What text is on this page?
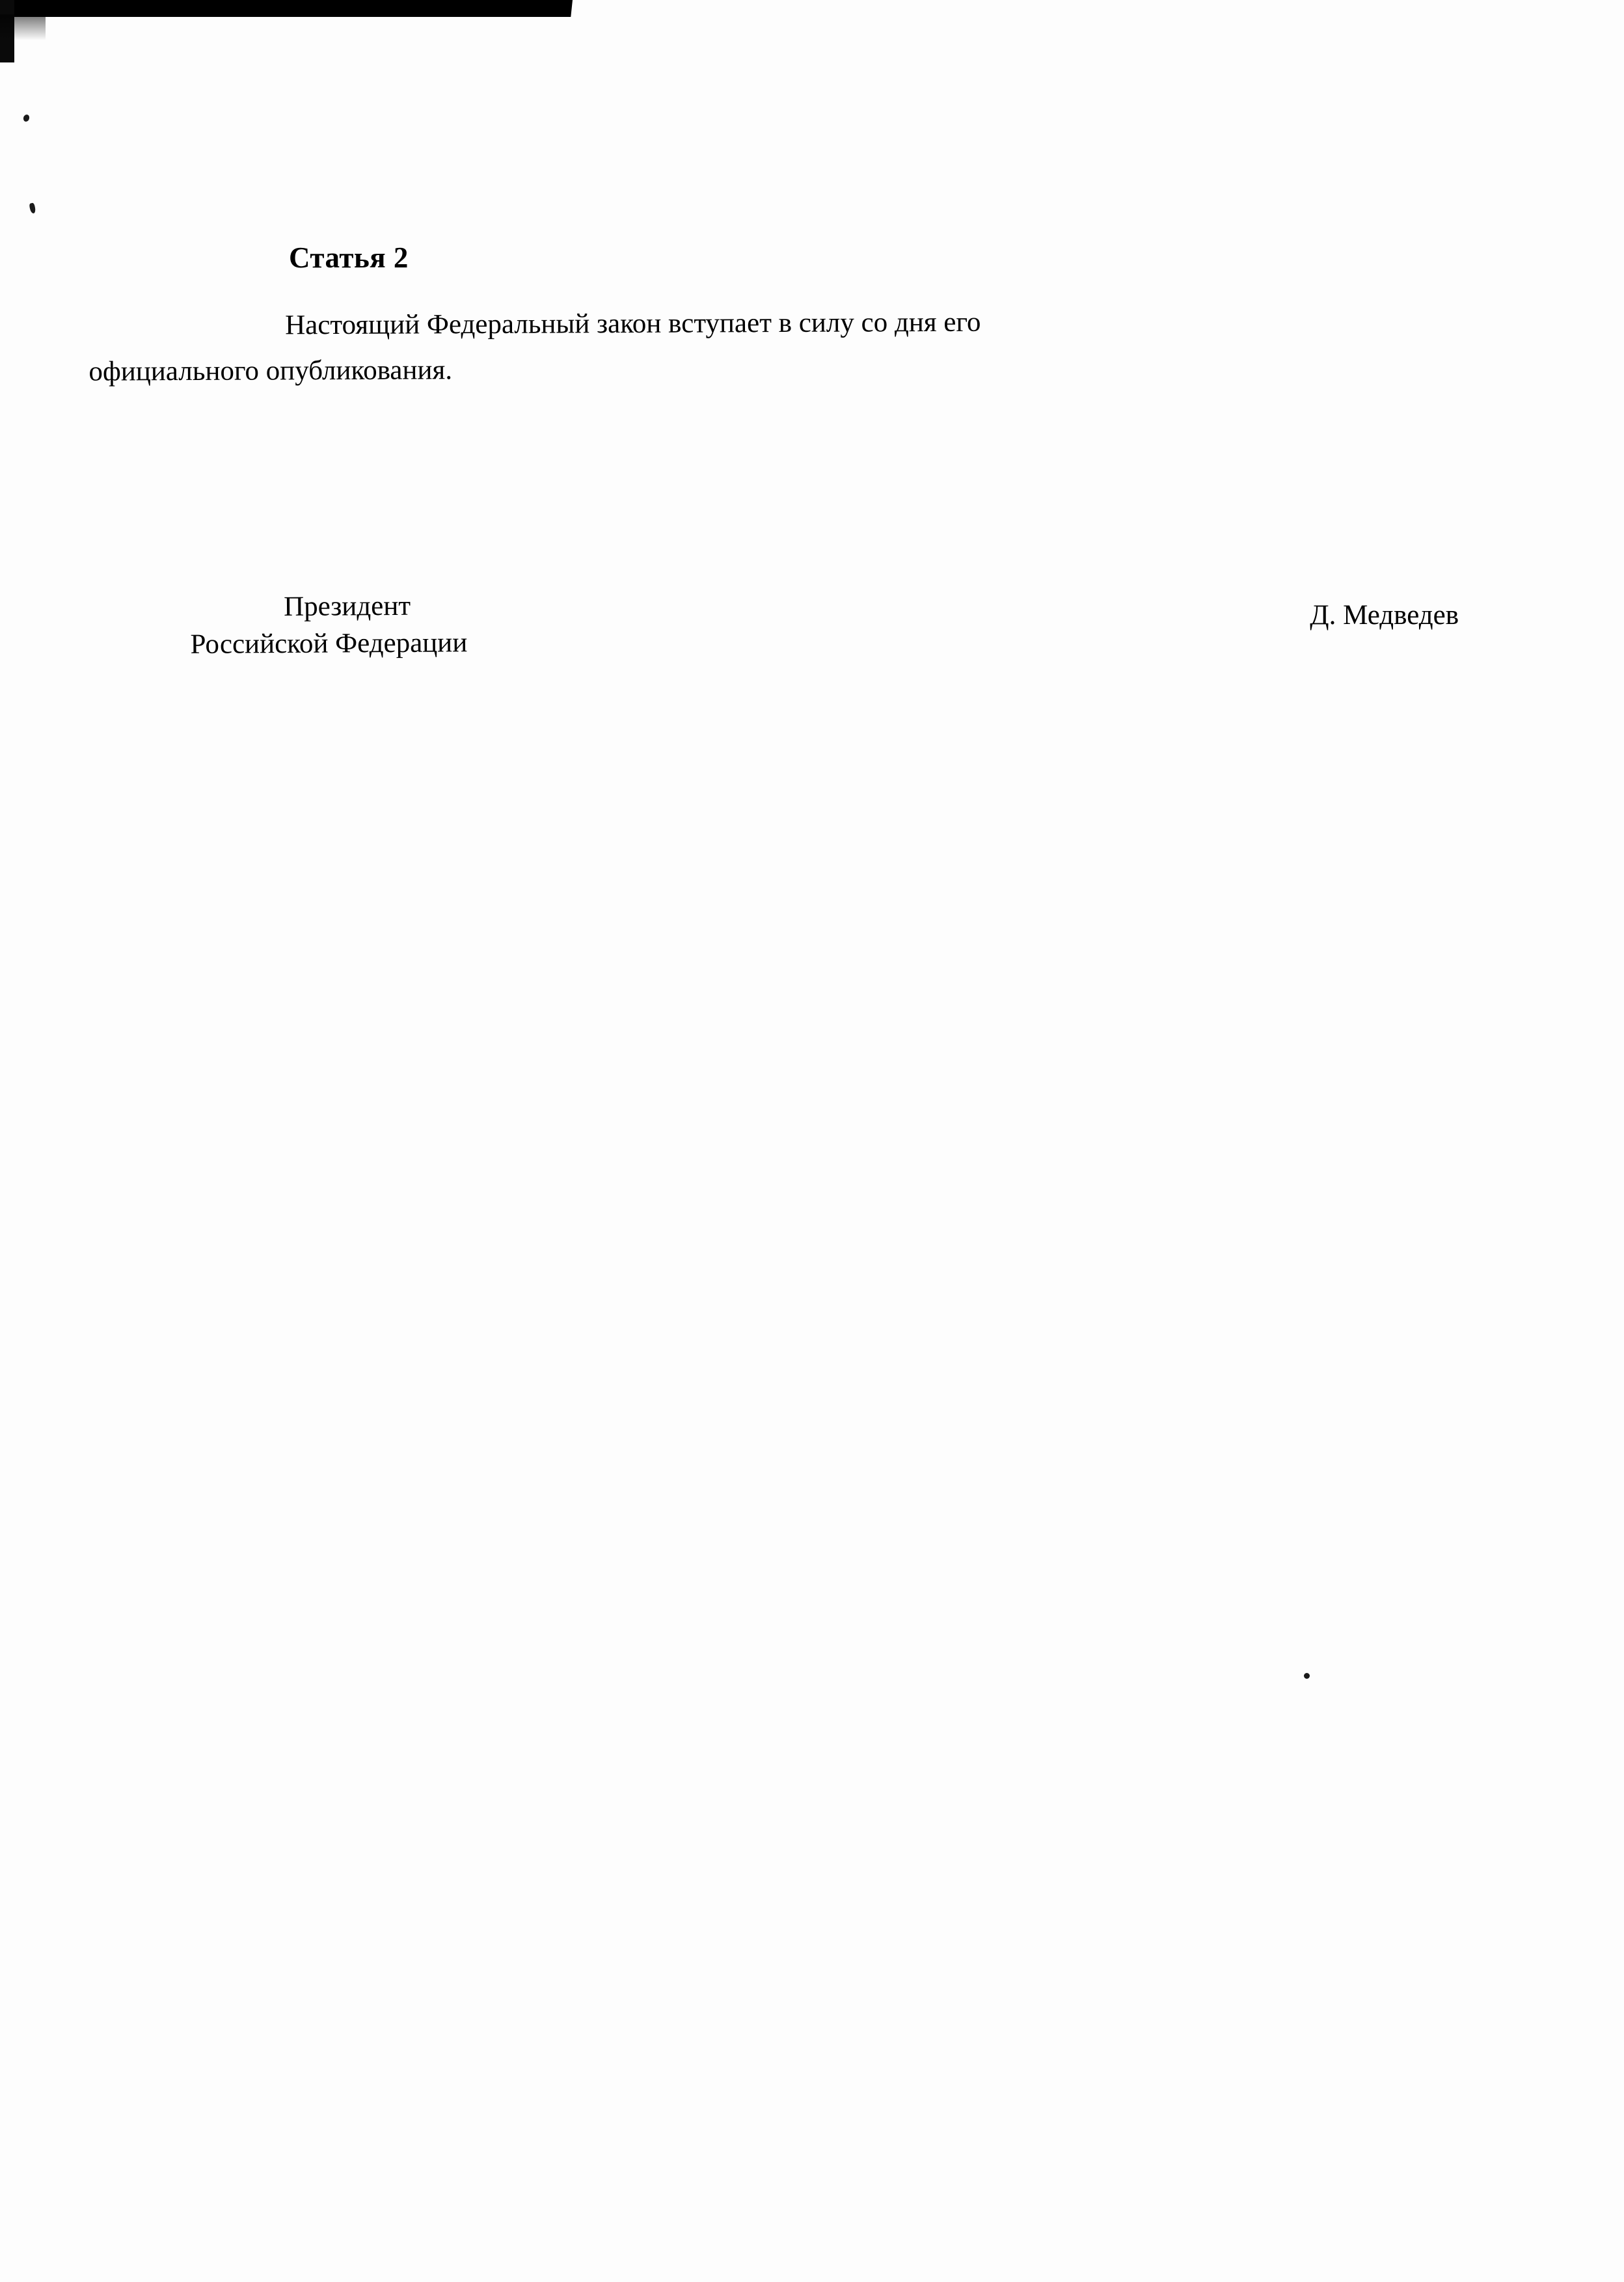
Статья 2

Настоящий Федеральный закон вступает в силу со дня его
официального опубликования.

Президент
Российской Федерации
Д. Медведев
